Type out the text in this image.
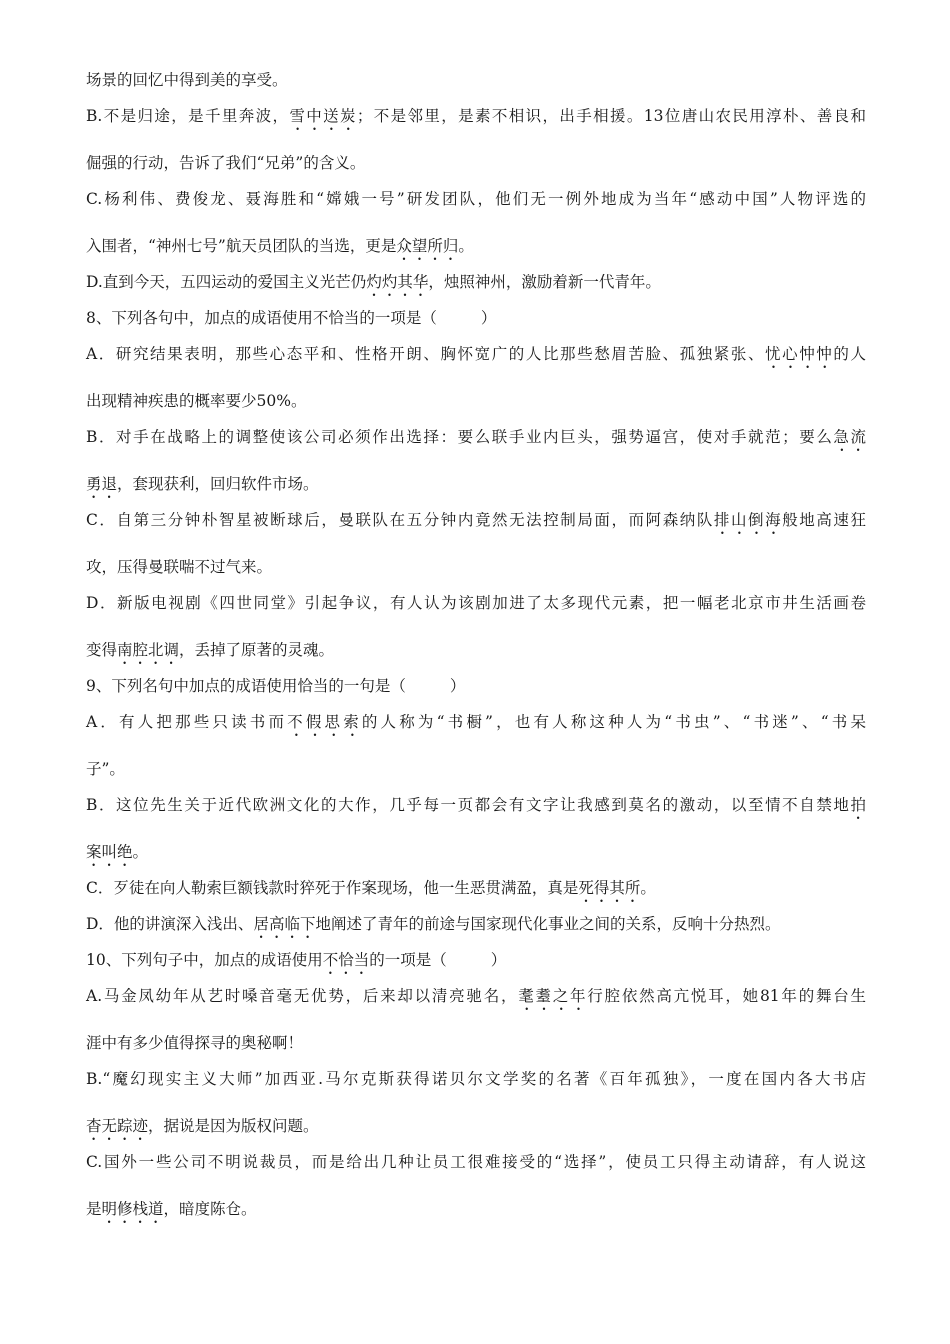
场景的回忆中得到美的享受。

B.不是归途，是千里奔波，雪中送炭；不是邻里，是素不相识，出手相援。13位唐山农民用淳朴、善良和

倔强的行动，告诉了我们“兄弟”的含义。

C.杨利伟、费俊龙、聂海胜和“嫦娥一号”研发团队，他们无一例外地成为当年“感动中国”人物评选的

入围者，“神州七号”航天员团队的当选，更是众望所归。

D.直到今天，五四运动的爱国主义光芒仍灼灼其华，烛照神州，激励着新一代青年。

8、下列各句中，加点的成语使用不恰当的一项是（	）

A．研究结果表明，那些心态平和、性格开朗、胸怀宽广的人比那些愁眉苦脸、孤独紧张、忧心忡忡的人

出现精神疾患的概率要少50%。

B．对手在战略上的调整使该公司必须作出选择：要么联手业内巨头，强势逼宫，使对手就范；要么急流

勇退，套现获利，回归软件市场。

C．自第三分钟朴智星被断球后，曼联队在五分钟内竟然无法控制局面，而阿森纳队排山倒海般地高速狂

攻，压得曼联喘不过气来。

D．新版电视剧《四世同堂》引起争议，有人认为该剧加进了太多现代元素，把一幅老北京市井生活画卷

变得南腔北调，丢掉了原著的灵魂。

9、下列名句中加点的成语使用恰当的一句是（	）

A．有人把那些只读书而不假思索的人称为“书橱”，也有人称这种人为“书虫”、“书迷”、“书呆

子”。

B．这位先生关于近代欧洲文化的大作，几乎每一页都会有文字让我感到莫名的激动，以至情不自禁地拍

案叫绝。

C．歹徒在向人勒索巨额钱款时猝死于作案现场，他一生恶贯满盈，真是死得其所。

D．他的讲演深入浅出、居高临下地阐述了青年的前途与国家现代化事业之间的关系，反响十分热烈。

10、下列句子中，加点的成语使用不恰当的一项是（	）

A.马金凤幼年从艺时嗓音毫无优势，后来却以清亮驰名，耄耋之年行腔依然高亢悦耳，她81年的舞台生

涯中有多少值得探寻的奥秘啊！

B.“魔幻现实主义大师”加西亚.马尔克斯获得诺贝尔文学奖的名著《百年孤独》，一度在国内各大书店

杳无踪迹，据说是因为版权问题。

C.国外一些公司不明说裁员，而是给出几种让员工很难接受的“选择”，使员工只得主动请辞，有人说这

是明修栈道，暗度陈仓。
